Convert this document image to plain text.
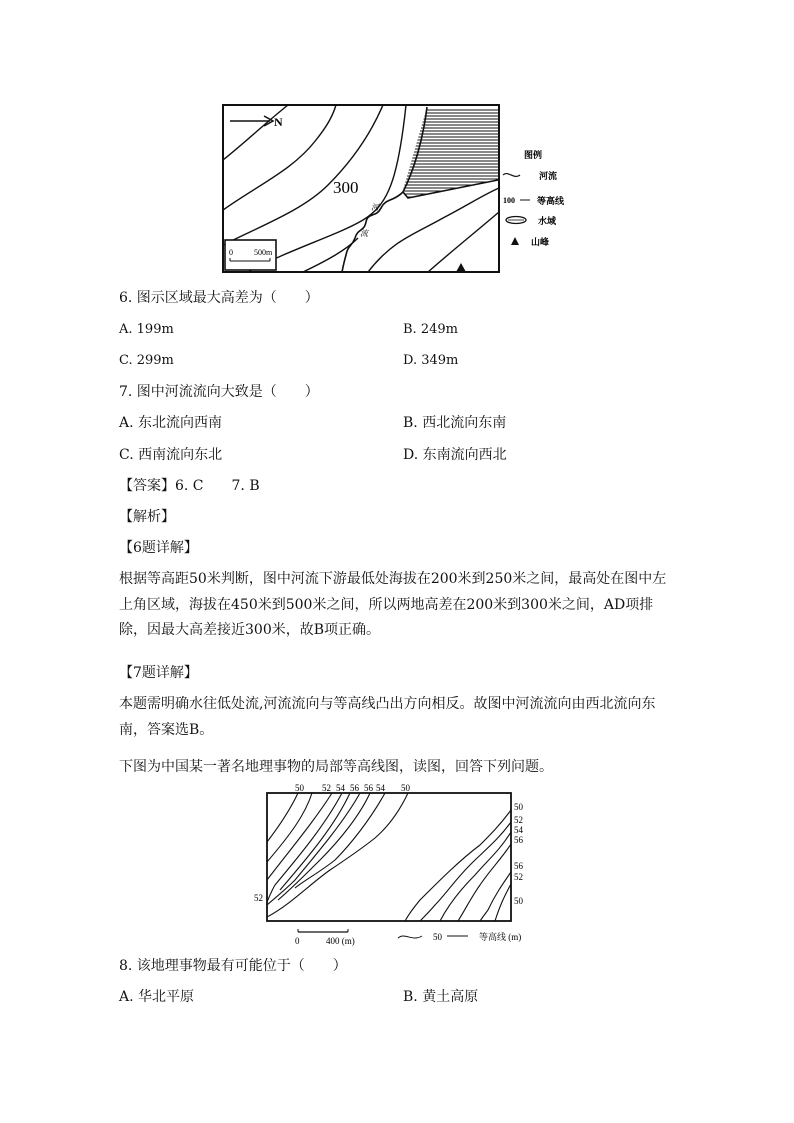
河
流
N
300
0	500m
图例
河流
100 等高线
水域
山峰
6. 图示区域最大高差为（　　）
A. 199m	B. 249m
C. 299m	D. 349m
7. 图中河流流向大致是（　　）
A. 东北流向西南	B. 西北流向东南
C. 西南流向东北	D. 东南流向西北
【答案】6. C　　7. B
【解析】
【6题详解】
根据等高距50米判断，图中河流下游最低处海拔在200米到250米之间，最高处在图中左上角区域，海拔在450米到500米之间，所以两地高差在200米到300米之间，AD项排除，因最大高差接近300米，故B项正确。
【7题详解】
本题需明确水往低处流,河流流向与等高线凸出方向相反。故图中河流流向由西北流向东南，答案选B。
下图为中国某一著名地理事物的局部等高线图，读图，回答下列问题。
50 52 54 56 56 54 50
50
52
54
56
56
52
50
52
0	400 (m)	50	等高线 (m)
8. 该地理事物最有可能位于（　　）
A. 华北平原	B. 黄土高原
